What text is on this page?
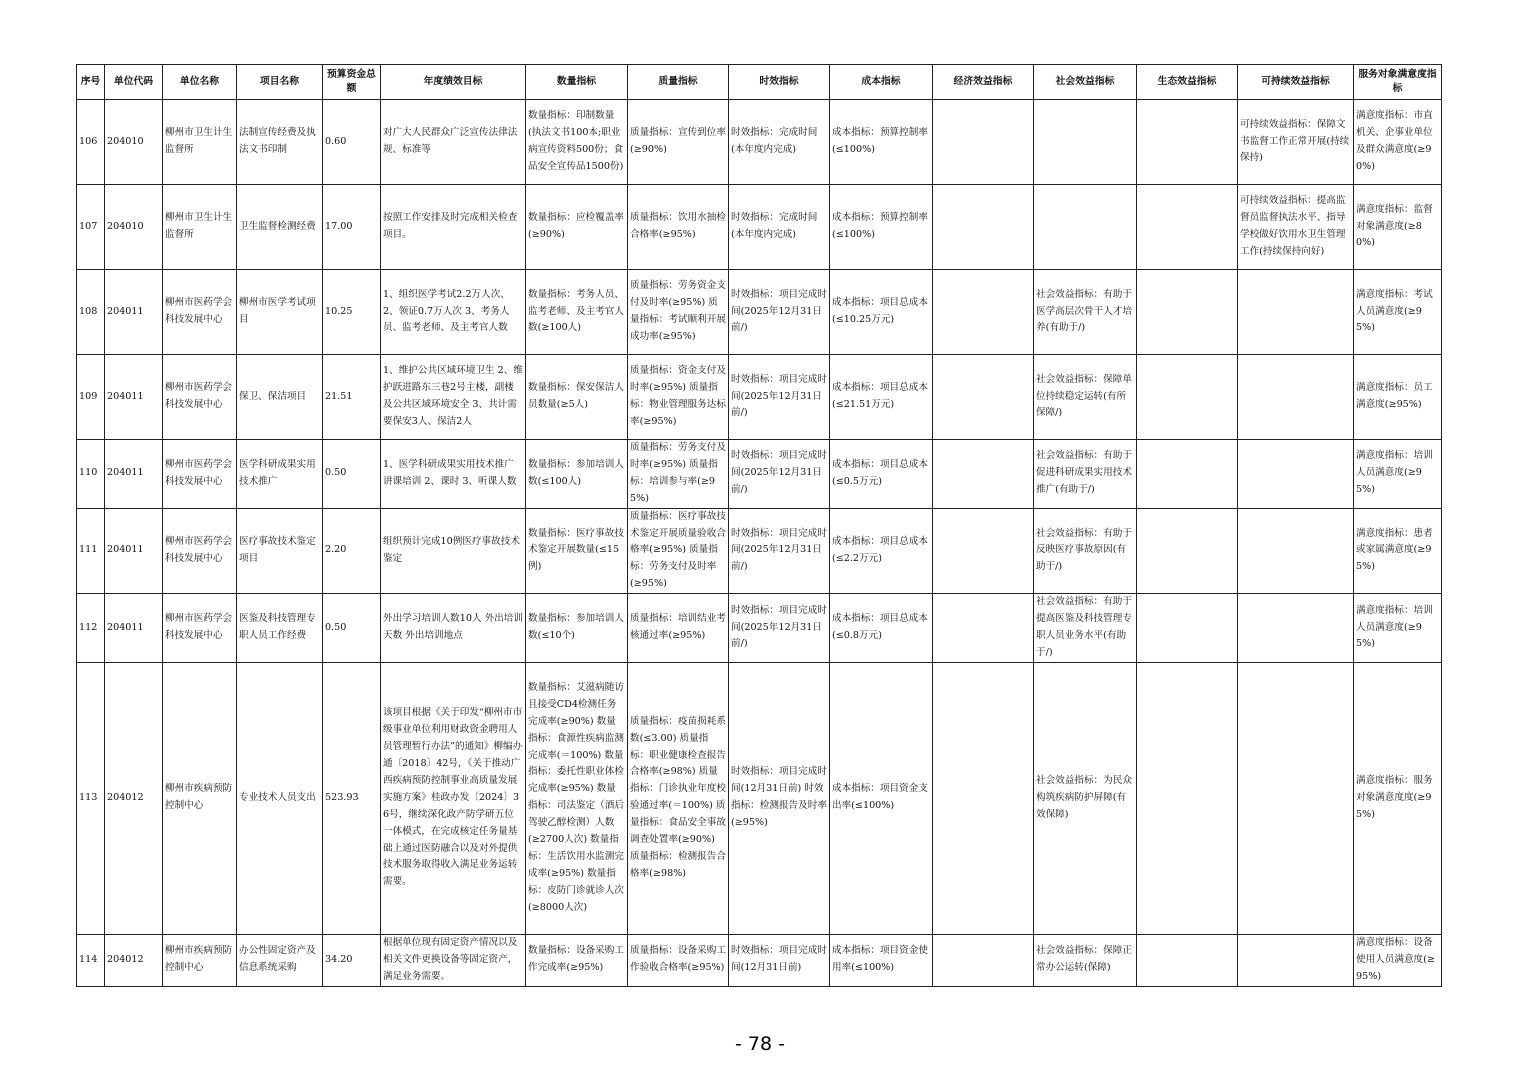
序号	单位代码	单位名称	项目名称	预算资金总额	年度绩效目标	数量指标	质量指标	时效指标	成本指标	经济效益指标	社会效益指标	生态效益指标	可持续效益指标	服务对象满意度指标
106	204010	柳州市卫生计生监督所	法制宣传经费及执法文书印制	0.60	对广大人民群众广泛宣传法律法规、标准等	数量指标：印制数量(执法文书100本;职业病宣传资料500份；食品安全宣传品1500份)	质量指标：宣传到位率(≥90%)	时效指标：完成时间(本年度内完成)	成本指标：预算控制率(≤100%)				可持续效益指标：保障文书监督工作正常开展(持续保持)	满意度指标：市直机关、企事业单位及群众满意度(≥90%)
107	204010	柳州市卫生计生监督所	卫生监督检测经费	17.00	按照工作安排及时完成相关检查项目。	数量指标：应检覆盖率(≥90%)	质量指标：饮用水抽检合格率(≥95%)	时效指标：完成时间(本年度内完成)	成本指标：预算控制率(≤100%)				可持续效益指标：提高监督员监督执法水平、指导学校做好饮用水卫生管理工作(持续保持向好)	满意度指标：监督对象满意度(≥80%)
108	204011	柳州市医药学会科技发展中心	柳州市医学考试项目	10.25	1、组织医学考试2.2万人次、 2、领证0.7万人次 3、考务人员、监考老师、及主考官人数	数量指标：考务人员、监考老师、及主考官人数(≥100人)	质量指标：劳务资金支付及时率(≥95%) 质量指标：考试顺利开展成功率(≥95%)	时效指标：项目完成时间(2025年12月31日前/)	成本指标：项目总成本(≤10.25万元)		社会效益指标：有助于医学高层次骨干人才培养(有助于/)			满意度指标：考试人员满意度(≥95%)
109	204011	柳州市医药学会科技发展中心	保卫、保洁项目	21.51	1、维护公共区域环境卫生 2、维护跃进路东三巷2号主楼，副楼及公共区域环境安全 3、共计需要保安3人、保洁2人	数量指标：保安保洁人员数量(≥5人)	质量指标：资金支付及时率(≥95%) 质量指标：物业管理服务达标率(≥95%)	时效指标：项目完成时间(2025年12月31日前/)	成本指标：项目总成本(≤21.51万元)		社会效益指标：保障单位持续稳定运转(有所保障/)			满意度指标：员工满意度(≥95%)
110	204011	柳州市医药学会科技发展中心	医学科研成果实用技术推广	0.50	1、医学科研成果实用技术推广讲课培训 2、课时 3、听课人数	数量指标：参加培训人数(≤100人)	质量指标：劳务支付及时率(≥95%) 质量指标：培训参与率(≥95%)	时效指标：项目完成时间(2025年12月31日前/)	成本指标：项目总成本(≤0.5万元)		社会效益指标：有助于促进科研成果实用技术推广(有助于/)			满意度指标：培训人员满意度(≥95%)
111	204011	柳州市医药学会科技发展中心	医疗事故技术鉴定项目	2.20	组织预计完成10例医疗事故技术鉴定	数量指标：医疗事故技术鉴定开展数量(≤15例)	质量指标：医疗事故技术鉴定开展质量验收合格率(≥95%) 质量指标：劳务支付及时率(≥95%)	时效指标：项目完成时间(2025年12月31日前/)	成本指标：项目总成本(≤2.2万元)		社会效益指标：有助于反映医疗事故原因(有助于/)			满意度指标：患者或家属满意度(≥95%)
112	204011	柳州市医药学会科技发展中心	医鉴及科技管理专职人员工作经费	0.50	外出学习培训人数10人 外出培训天数 外出培训地点	数量指标：参加培训人数(≤10个)	质量指标：培训结业考核通过率(≥95%)	时效指标：项目完成时间(2025年12月31日前/)	成本指标：项目总成本(≤0.8万元)		社会效益指标：有助于提高医鉴及科技管理专职人员业务水平(有助于/)			满意度指标：培训人员满意度(≥95%)
113	204012	柳州市疾病预防控制中心	专业技术人员支出	523.93	该项目根据《关于印发“柳州市市级事业单位利用财政资金聘用人员管理暂行办法”的通知》柳编办通〔2018〕42号，《关于推动广西疾病预防控制事业高质量发展实施方案》桂政办发〔2024〕36号，继续深化政产防学研五位一体模式，在完成核定任务量基础上通过医防融合以及对外提供技术服务取得收入满足业务运转需要。	数量指标：艾滋病随访且接受CD4检测任务完成率(≥90%) 数量指标：食源性疾病监测完成率(＝100%) 数量指标：委托性职业体检完成率(≥95%) 数量指标：司法鉴定（酒后驾驶乙醇检测）人数(≥2700人次) 数量指标：生活饮用水监测完成率(≥95%) 数量指标：皮防门诊就诊人次(≥8000人次)	质量指标：疫苗损耗系数(≤3.00) 质量指标：职业健康检查报告合格率(≥98%) 质量指标：门诊执业年度校验通过率(＝100%) 质量指标：食品安全事故调查处置率(≥90%) 质量指标：检测报告合格率(≥98%)	时效指标：项目完成时间(12月31日前) 时效指标：检测报告及时率(≥95%)	成本指标：项目资金支出率(≤100%)		社会效益指标：为民众构筑疾病防护屏障(有效保障)			满意度指标：服务对象满意度度(≥95%)
114	204012	柳州市疾病预防控制中心	办公性固定资产及信息系统采购	34.20	根据单位现有固定资产情况以及相关文件更换设备等固定资产，满足业务需要。	数量指标：设备采购工作完成率(≥95%)	质量指标：设备采购工作验收合格率(≥95%)	时效指标：项目完成时间(12月31日前)	成本指标：项目资金使用率(≤100%)		社会效益指标：保障正常办公运转(保障)			满意度指标：设备使用人员满意度(≥95%)
- 78 -
